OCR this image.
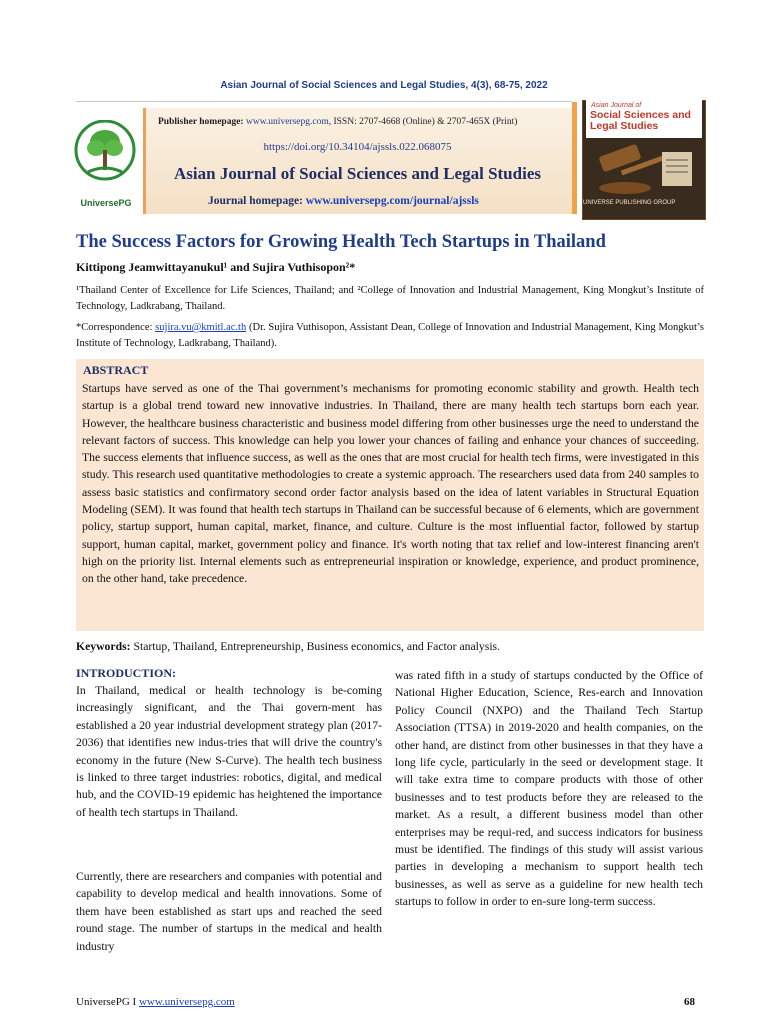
Asian Journal of Social Sciences and Legal Studies, 4(3), 68-75, 2022
UniversePG
Publisher homepage: www.universepg.com, ISSN: 2707-4668 (Online) & 2707-465X (Print)
https://doi.org/10.34104/ajssls.022.068075
Asian Journal of Social Sciences and Legal Studies
Journal homepage: www.universepg.com/journal/ajssls
Asian Journal of
Social Sciences and Legal Studies
UNIVERSE PUBLISHING GROUP
The Success Factors for Growing Health Tech Startups in Thailand
Kittipong Jeamwittayanukul¹ and Sujira Vuthisopon²*
¹Thailand Center of Excellence for Life Sciences, Thailand; and ²College of Innovation and Industrial Management, King Mongkut’s Institute of Technology, Ladkrabang, Thailand.
*Correspondence: sujira.vu@kmitl.ac.th (Dr. Sujira Vuthisopon, Assistant Dean, College of Innovation and Industrial Management, King Mongkut’s Institute of Technology, Ladkrabang, Thailand).
ABSTRACT
Startups have served as one of the Thai government’s mechanisms for promoting economic stability and growth. Health tech startup is a global trend toward new innovative industries. In Thailand, there are many health tech startups born each year. However, the healthcare business characteristic and business model differing from other businesses urge the need to understand the relevant factors of success. This knowledge can help you lower your chances of failing and enhance your chances of succeeding. The success elements that influence success, as well as the ones that are most crucial for health tech firms, were investigated in this study. This research used quantitative methodologies to create a systemic approach. The researchers used data from 240 samples to assess basic statistics and confirmatory second order factor analysis based on the idea of latent variables in Structural Equation Modeling (SEM). It was found that health tech startups in Thailand can be successful because of 6 elements, which are government policy, startup support, human capital, market, finance, and culture. Culture is the most influential factor, followed by startup support, human capital, market, government policy and finance. It's worth noting that tax relief and low-interest financing aren't high on the priority list. Internal elements such as entrepreneurial inspiration or knowledge, experience, and product prominence, on the other hand, take precedence.
Keywords: Startup, Thailand, Entrepreneurship, Business economics, and Factor analysis.
INTRODUCTION:
In Thailand, medical or health technology is be-coming increasingly significant, and the Thai govern-ment has established a 20 year industrial development strategy plan (2017-2036) that identifies new indus-tries that will drive the country's economy in the future (New S-Curve). The health tech business is linked to three target industries: robotics, digital, and medical hub, and the COVID-19 epidemic has heightened the importance of health tech startups in Thailand.
Currently, there are researchers and companies with potential and capability to develop medical and health innovations. Some of them have been established as start ups and reached the seed round stage. The number of startups in the medical and health industry
was rated fifth in a study of startups conducted by the Office of National Higher Education, Science, Res-earch and Innovation Policy Council (NXPO) and the Thailand Tech Startup Association (TTSA) in 2019-2020 and health companies, on the other hand, are distinct from other businesses in that they have a long life cycle, particularly in the seed or development stage. It will take extra time to compare products with those of other businesses and to test products before they are released to the market. As a result, a different business model than other enterprises may be requi-red, and success indicators for business must be identified. The findings of this study will assist various parties in developing a mechanism to support health tech businesses, as well as serve as a guideline for new health tech startups to follow in order to en-sure long-term success.
UniversePG I www.universepg.com	68
